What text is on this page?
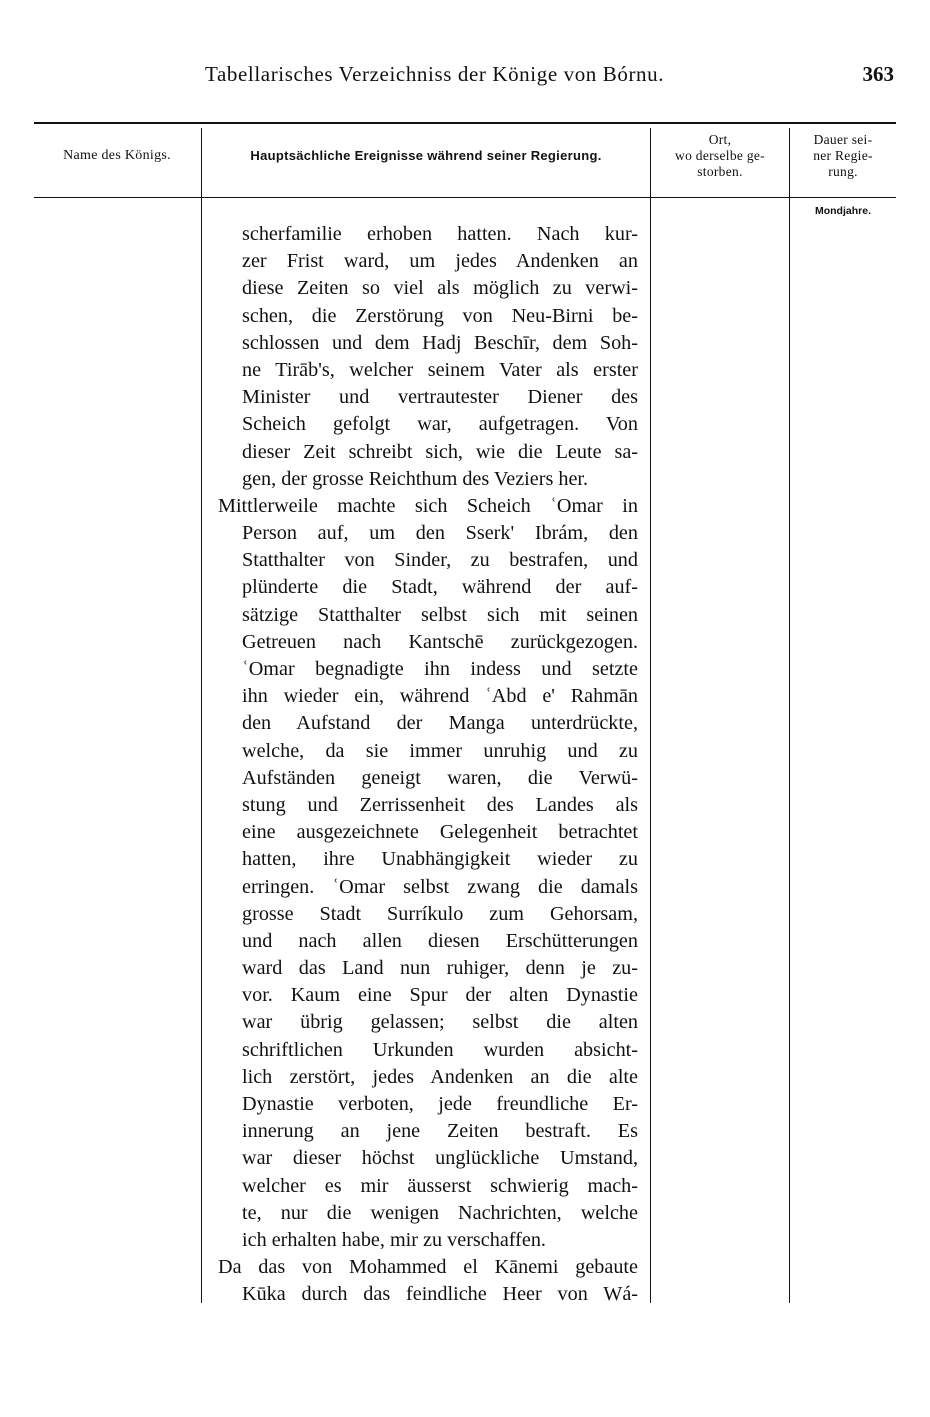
Tabellarisches Verzeichniss der Könige von Bórnu.	363
Name des Königs.	Hauptsächliche Ereignisse während seiner Regierung.
Ort,
wo derselbe ge-
storben.
Dauer sei-
ner Regie-
rung.
Mondjahre.
scherfamilie erhoben hatten. Nach kur-
zer Frist ward, um jedes Andenken an
diese Zeiten so viel als möglich zu verwi-
schen, die Zerstörung von Neu-Birni be-
schlossen und dem Hadj Beschīr, dem Soh-
ne Tirāb's, welcher seinem Vater als erster
Minister und vertrautester Diener des
Scheich gefolgt war, aufgetragen. Von
dieser Zeit schreibt sich, wie die Leute sa-
gen, der grosse Reichthum des Veziers her.
Mittlerweile machte sich Scheich ʿOmar in
Person auf, um den Sserk' Ibrám, den
Statthalter von Sinder, zu bestrafen, und
plünderte die Stadt, während der auf-
sätzige Statthalter selbst sich mit seinen
Getreuen nach Kantschē zurückgezogen.
ʿOmar begnadigte ihn indess und setzte
ihn wieder ein, während ʿAbd e' Rahmān
den Aufstand der Manga unterdrückte,
welche, da sie immer unruhig und zu
Aufständen geneigt waren, die Verwü-
stung und Zerrissenheit des Landes als
eine ausgezeichnete Gelegenheit betrachtet
hatten, ihre Unabhängigkeit wieder zu
erringen. ʿOmar selbst zwang die damals
grosse Stadt Surríkulo zum Gehorsam,
und nach allen diesen Erschütterungen
ward das Land nun ruhiger, denn je zu-
vor. Kaum eine Spur der alten Dynastie
war übrig gelassen; selbst die alten
schriftlichen Urkunden wurden absicht-
lich zerstört, jedes Andenken an die alte
Dynastie verboten, jede freundliche Er-
innerung an jene Zeiten bestraft. Es
war dieser höchst unglückliche Umstand,
welcher es mir äusserst schwierig mach-
te, nur die wenigen Nachrichten, welche
ich erhalten habe, mir zu verschaffen.
Da das von Mohammed el Kānemi gebaute
Kūka durch das feindliche Heer von Wá-
